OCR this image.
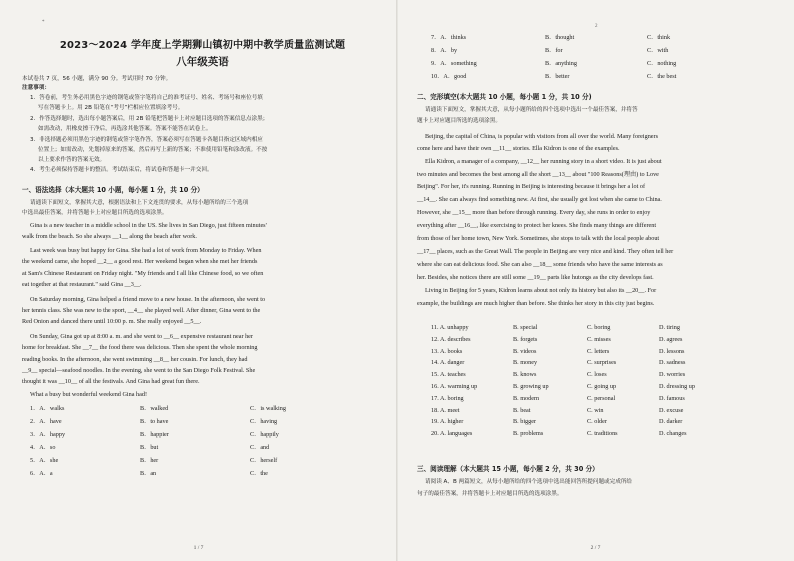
*
2023～2024 学年度上学期狮山镇初中期中教学质量监测试题
八年级英语
本试卷共 7 页，56 小题，满分 90 分。考试用时 70 分钟。
注意事项：
1．答卷前，考生务必用黑色字迹的钢笔或签字笔将自己的准考证号、姓名、考场号和座位号填
写在答题卡上。用 2B 铅笔在“考号”栏相应位置填涂考号。
2．作答选择题时，选出每小题答案后，用 2B 铅笔把答题卡上对应题目选项的答案信息点涂黑；
如需改动，用橡皮擦干净后，再选涂其他答案。答案不能答在试卷上。
3．非选择题必须用黑色字迹的钢笔或签字笔作答，答案必须写在答题卡各题目指定区域内相应
位置上；如需改动，先划掉原来的答案，然后再写上新的答案；不准使用铅笔和涂改液。不按
以上要求作答的答案无效。
4．考生必须保持答题卡的整洁。考试结束后，将试卷和答题卡一并交回。
一、语法选择（本大题共 10 小题，每小题 1 分，共 10 分）
请通读下面短文，掌握其大意，根据语法和上下文连贯的要求，从每小题所给的三个选项
中选出最佳答案，并将答题卡上对应题目所选的选项涂黑。
Gina is a new teacher in a middle school in the US. She lives in San Diego, just fifteen minutes'
walk from the beach. So she always __1__ along the beach after work.
Last week was busy but happy for Gina. She had a lot of work from Monday to Friday. When
the weekend came, she hoped __2__ a good rest. Her weekend began when she met her friends
at Sam's Chinese Restaurant on Friday night. "My friends and I all like Chinese food, so we often
eat together at that restaurant." said Gina __3__.
On Saturday morning, Gina helped a friend move to a new house. In the afternoon, she went to
her tennis class. She was new to the sport, __4__ she played well. After dinner, Gina went to the
Red Onion and danced there until 10:00 p. m. She really enjoyed __5__.
On Sunday, Gina got up at 8:00 a. m. and she went to __6__ expensive restaurant near her
home for breakfast. She __7__ the food there was delicious. Then she spent the whole morning
reading books. In the afternoon, she went swimming __8__ her cousin. For lunch, they had
__9__ special—seafood noodles. In the evening, she went to the San Diego Folk Festival. She
thought it was __10__ of all the festivals. And Gina had great fun there.
What a busy but wonderful weekend Gina had!
1．A．walks	B．walked	C．is walking
2．A．have	B．to have	C．having
3．A．happy	B．happier	C．happily
4．A．so	B．but	C．and
5．A．she	B．her	C．herself
6．A．a	B．an	C．the
1 / 7
2
7．A．thinks	B．thought	C．think
8．A．by	B．for	C．with
9．A．something	B．anything	C．nothing
10．A．good	B．better	C．the best
二、完形填空(本大题共 10 小题，每小题 1 分，共 10 分)
请通读下面短文，掌握其大意，从每小题所给的四个选项中选出一个最佳答案，并将答
题卡上对应题目所选的选项涂黑。
Beijing, the capital of China, is popular with visitors from all over the world. Many foreigners
come here and have their own __11__ stories. Ella Kidron is one of the examples.
Ella Kidron, a manager of a company, __12__ her running story in a short video. It is just about
two minutes and becomes the best among all the short __13__ about "100 Reasons(理由) to Love
Beijing". For her, it's running. Running in Beijing is interesting because it brings her a lot of
__14__. She can always find something new. At first, she usually got lost when she came to China.
However, she __15__ more than before through running. Every day, she runs in order to enjoy
everything after __16__, like exercising to protect her knees. She finds many things are different
from those of her home town, New York. Sometimes, she stops to talk with the local people about
__17__ places, such as the Great Wall. The people in Beijing are very nice and kind. They often tell her
where she can eat delicious food. She can also __18__ some friends who have the same interests as
her. Besides, she notices there are still some __19__ parts like hutongs as the city develops fast.
Living in Beijing for 5 years, Kidron learns about not only its history but also its __20__. For
example, the buildings are much higher than before. She thinks her story in this city just begins.
11. A. unhappy	B. special	C. boring	D. tiring
12. A. describes	B. forgets	C. misses	D. agrees
13. A. books	B. videos	C. letters	D. lessons
14. A. danger	B. money	C. surprises	D. sadness
15. A. teaches	B. knows	C. loses	D. worries
16. A. warming up	B. growing up	C. going up	D. dressing up
17. A. boring	B. modern	C. personal	D. famous
18. A. meet	B. beat	C. win	D. excuse
19. A. higher	B. bigger	C. older	D. darker
20. A. languages	B. problems	C. traditions	D. changes
三、阅读理解（本大题共 15 小题，每小题 2 分，共 30 分）
请阅读 A、B 两篇短文，从每小题所给的四个选项中选出能回答所提问题或完成所给
句子的最佳答案，并将答题卡上对应题目所选的选项涂黑。
2 / 7
